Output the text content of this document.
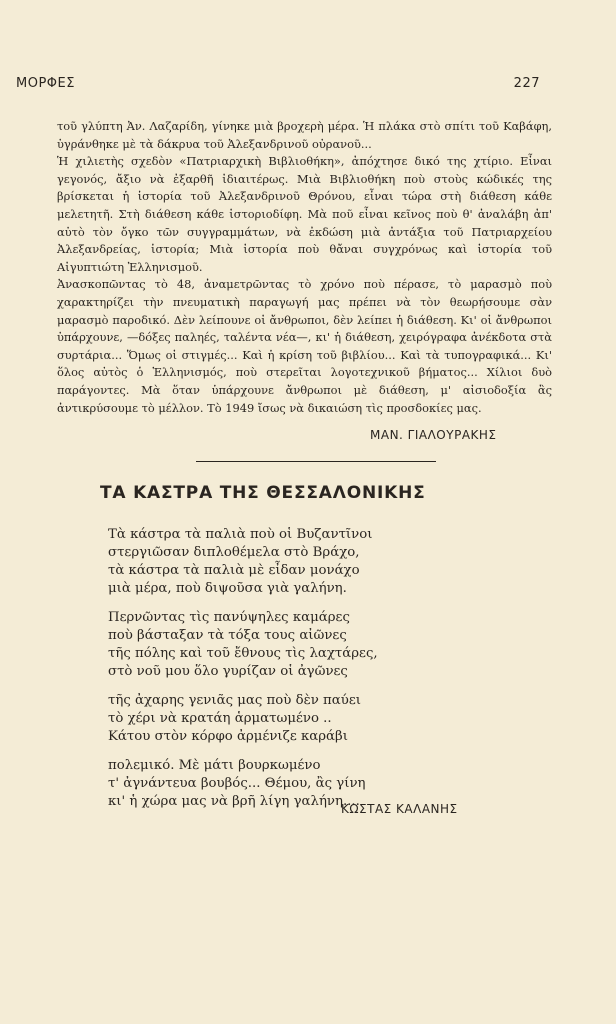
ΜΟΡΦΕΣ	227

τοῦ γλύπτη Ἀν. Λαζαρίδη, γίνηκε μιὰ βροχερὴ μέρα. Ἡ πλάκα στὸ σπίτι τοῦ Καβάφη, ὑγράνθηκε μὲ τὰ δάκρυα τοῦ Ἀλεξανδρινοῦ οὐρανοῦ...

Ἡ χιλιετὴς σχεδὸν «Πατριαρχικὴ Βιβλιοθήκη», ἀπόχτησε δικό της χτίριο. Εἶναι γεγονός, ἄξιο νὰ ἐξαρθῆ ἰδιαιτέρως. Μιὰ Βιβλιοθήκη ποὺ στοὺς κώδικές της βρίσκεται ἡ ἱστορία τοῦ Ἀλεξανδρινοῦ Θρόνου, εἶναι τώρα στὴ διάθεση κάθε μελετητῆ. Στὴ διάθεση κάθε ἱστοριοδίφη. Μὰ ποῦ εἶναι κεῖνος ποὺ θ' ἀναλάβη ἀπ' αὐτὸ τὸν ὄγκο τῶν συγγραμμάτων, νὰ ἐκδώση μιὰ ἀντάξια τοῦ Πατριαρχείου Ἀλεξανδρείας, ἱστορία; Μιὰ ἱστορία ποὺ θἄναι συγχρόνως καὶ ἱστορία τοῦ Αἰγυπτιώτη Ἑλληνισμοῦ.

Ἀνασκοπῶντας τὸ 48, ἀναμετρῶντας τὸ χρόνο ποὺ πέρασε, τὸ μαρασμὸ ποὺ χαρακτηρίζει τὴν πνευματικὴ παραγωγή μας πρέπει νὰ τὸν θεωρήσουμε σὰν μαρασμὸ παροδικό. Δὲν λείπουνε οἱ ἄνθρωποι, δὲν λείπει ἡ διάθεση. Κι' οἱ ἄνθρωποι ὑπάρχουνε, —δόξες παληές, ταλέντα νέα—, κι' ἡ διάθεση, χειρόγραφα ἀνέκδοτα στὰ συρτάρια... Ὅμως οἱ στιγμές... Καὶ ἡ κρίση τοῦ βιβλίου... Καὶ τὰ τυπογραφικά... Κι' ὅλος αὐτὸς ὁ Ἑλληνισμός, ποὺ στερεῖται λογοτεχνικοῦ βήματος... Χίλιοι δυὸ παράγοντες. Μὰ ὅταν ὑπάρχουνε ἄνθρωποι μὲ διάθεση, μ' αἰσιοδοξία ἂς ἀντικρύσουμε τὸ μέλλον. Τὸ 1949 ἴσως νὰ δικαιώση τὶς προσδοκίες μας.

ΜΑΝ. ΓΙΑΛΟΥΡΑΚΗΣ
ΤΑ ΚΑΣΤΡΑ ΤΗΣ ΘΕΣΣΑΛΟΝΙΚΗΣ
Τὰ κάστρα τὰ παλιὰ ποὺ οἱ Βυζαντῖνοι
στεργιῶσαν διπλοθέμελα στὸ Βράχο,
τὰ κάστρα τὰ παλιὰ μὲ εἶδαν μονάχο
μιὰ μέρα, ποὺ διψοῦσα γιὰ γαλήνη.
Περνῶντας τὶς πανύψηλες καμάρες
ποὺ βάσταξαν τὰ τόξα τους αἰῶνες
τῆς πόλης καὶ τοῦ ἔθνους τὶς λαχτάρες,
στὸ νοῦ μου ὅλο γυρίζαν οἱ ἀγῶνες
τῆς ἀχαρης γενιᾶς μας ποὺ δὲν παύει
τὸ χέρι νὰ κρατάη ἁρματωμένο ..
Κάτου στὸν κόρφο ἀρμένιζε καράβι
πολεμικό. Μὲ μάτι βουρκωμένο
τ' ἀγνάντευα βουβός... Θέμου, ἂς γίνη
κι' ἡ χώρα μας νὰ βρῆ λίγη γαλήνη....
ΚΩΣΤΑΣ ΚΑΛΑΝΗΣ
